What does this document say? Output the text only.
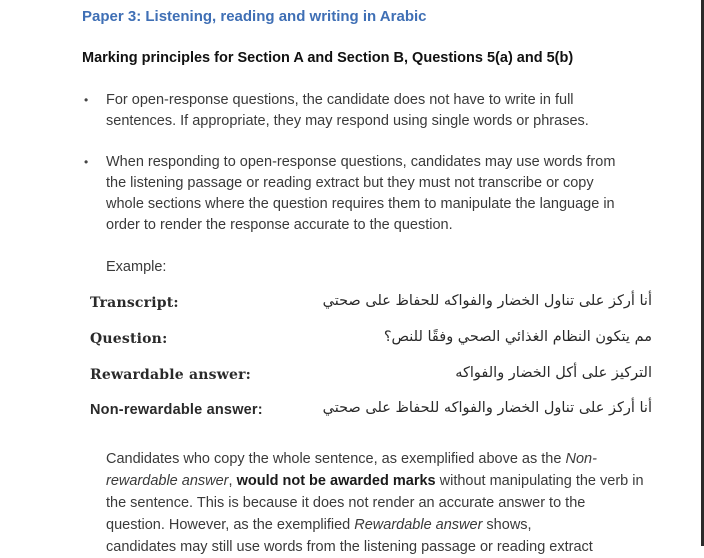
Paper 3: Listening, reading and writing in Arabic
Marking principles for Section A and Section B, Questions 5(a) and 5(b)
• For open-response questions, the candidate does not have to write in full sentences. If appropriate, they may respond using single words or phrases.
• When responding to open-response questions, candidates may use words from the listening passage or reading extract but they must not transcribe or copy whole sections where the question requires them to manipulate the language in order to render the response accurate to the question.
Example:
Transcript:	أنا أركز على تناول الخضار والفواكه للحفاظ على صحتي
Question:	مم يتكون النظام الغذائي الصحي وفقًا للنص؟
Rewardable answer:	التركيز على أكل الخضار والفواكه
Non-rewardable answer:	أنا أركز على تناول الخضار والفواكه للحفاظ على صحتي
Candidates who copy the whole sentence, as exemplified above as the Non-rewardable answer, would not be awarded marks without manipulating the verb in the sentence. This is because it does not render an accurate answer to the question. However, as the exemplified Rewardable answer shows,
candidates may still use words from the listening passage or reading extract
